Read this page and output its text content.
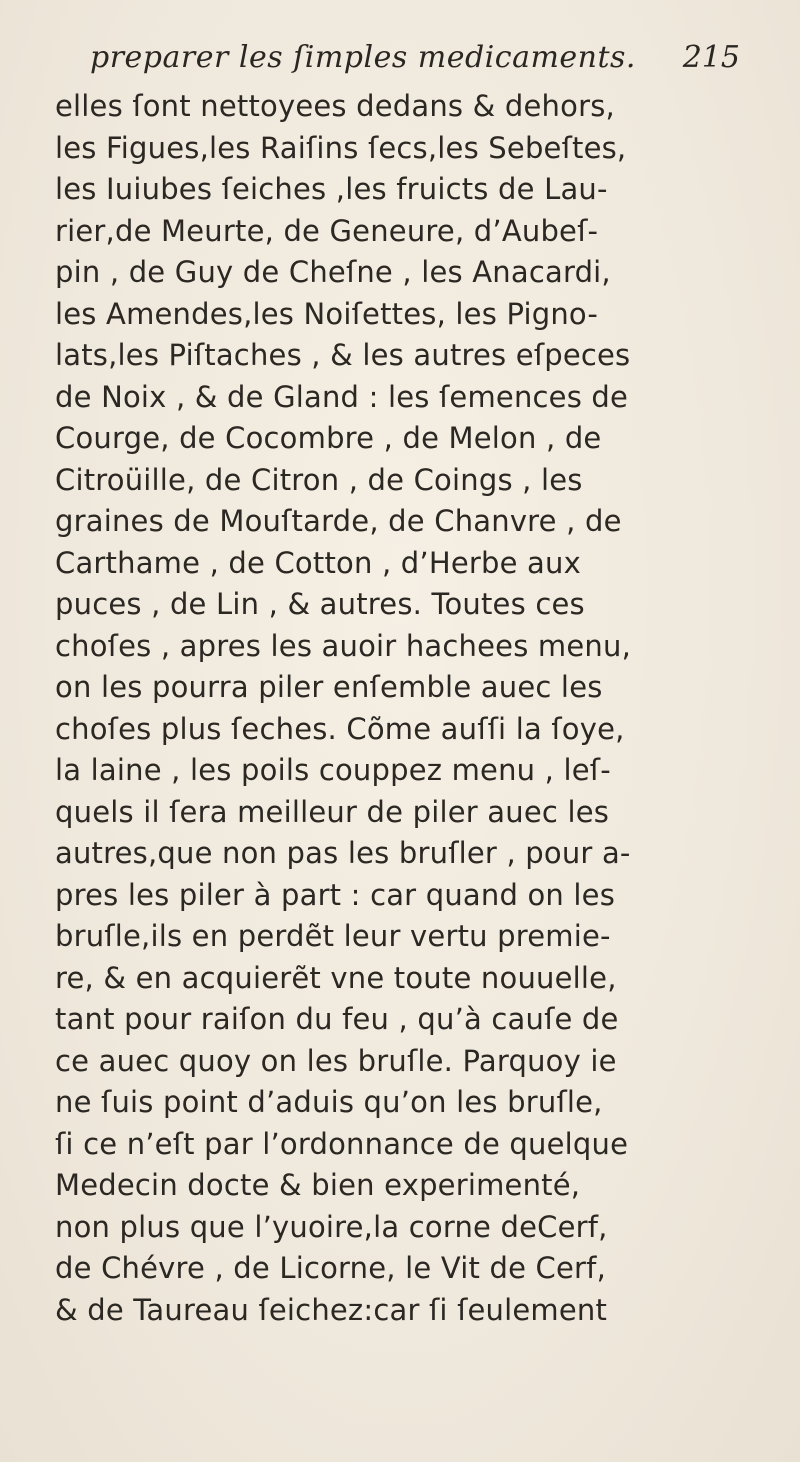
preparer les ſimples medicaments. 215
elles ſont nettoyees dedans & dehors,
les Figues,les Raiſins ſecs,les Sebeſtes,
les Iuiubes ſeiches ,les fruicts de Lau-
rier,de Meurte, de Geneure, d’Aubeſ-
pin , de Guy de Cheſne , les Anacardi,
les Amendes,les Noiſettes, les Pigno-
lats,les Piſtaches , & les autres eſpeces
de Noix , & de Gland : les ſemences de
Courge, de Cocombre , de Melon , de
Citroüille, de Citron , de Coings , les
graines de Mouſtarde, de Chanvre , de
Carthame , de Cotton , d’Herbe aux
puces , de Lin , & autres. Toutes ces
choſes , apres les auoir hachees menu,
on les pourra piler enſemble auec les
choſes plus ſeches. Cõme auſſi la ſoye,
la laine , les poils couppez menu , leſ-
quels il ſera meilleur de piler auec les
autres,que non pas les bruſler , pour a-
pres les piler à part : car quand on les
bruſle,ils en perdẽt leur vertu premie-
re, & en acquierẽt vne toute nouuelle,
tant pour raiſon du feu , qu’à cauſe de
ce auec quoy on les bruſle. Parquoy ie
ne ſuis point d’aduis qu’on les bruſle,
ſi ce n’eſt par l’ordonnance de quelque
Medecin docte & bien experimenté,
non plus que l’yuoire,la corne deCerf,
de Chévre , de Licorne, le Vit de Cerf,
& de Taureau ſeichez:car ſi ſeulement
